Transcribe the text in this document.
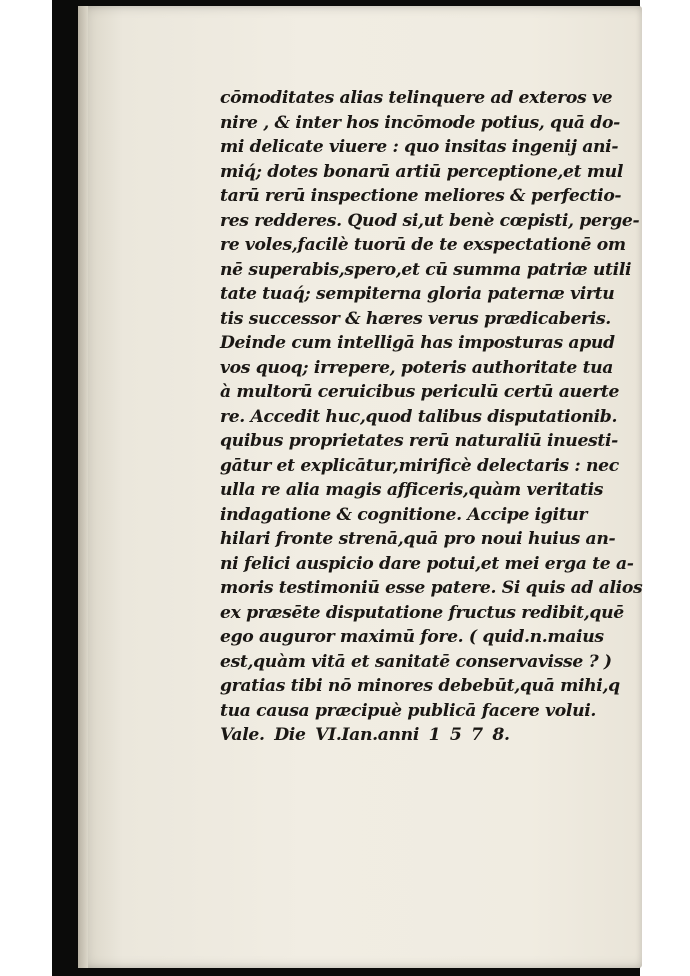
cōmoditates alias telinquere ad exteros ve
nire , & inter hos incōmode potius, quā do-
mi delicate viuere : quo insitas ingenij ani-
miq́; dotes bonarū artiū perceptione,et mul
tarū rerū inspectione meliores & perfectio-
res redderes. Quod si,ut benè cœpisti, perge-
re voles,facilè tuorū de te exspectationē om
nē superabis,spero,et cū summa patriæ utili
tate tuaq́; sempiterna gloria paternæ virtu
tis successor & hæres verus prædicaberis.
Deinde cum intelligā has imposturas apud
vos quoq; irrepere, poteris authoritate tua
à multorū ceruicibus periculū certū auerte
re. Accedit huc,quod talibus disputationib.
quibus proprietates rerū naturaliū inuesti-
gātur et explicātur,mirificè delectaris : nec
ulla re alia magis afficeris,quàm veritatis
indagatione & cognitione. Accipe igitur
hilari fronte strenā,quā pro noui huius an-
ni felici auspicio dare potui,et mei erga te a-
moris testimoniū esse patere. Si quis ad alios
ex præsēte disputatione fructus redibit,quē
ego auguror maximū fore. ( quid.n.maius
est,quàm vitā et sanitatē conservavisse ? )
gratias tibi nō minores debebūt,quā mihi,q
tua causa præcipuè publicā facere volui.
Vale. Die VI.Ian.anni 1 5 7 8.
